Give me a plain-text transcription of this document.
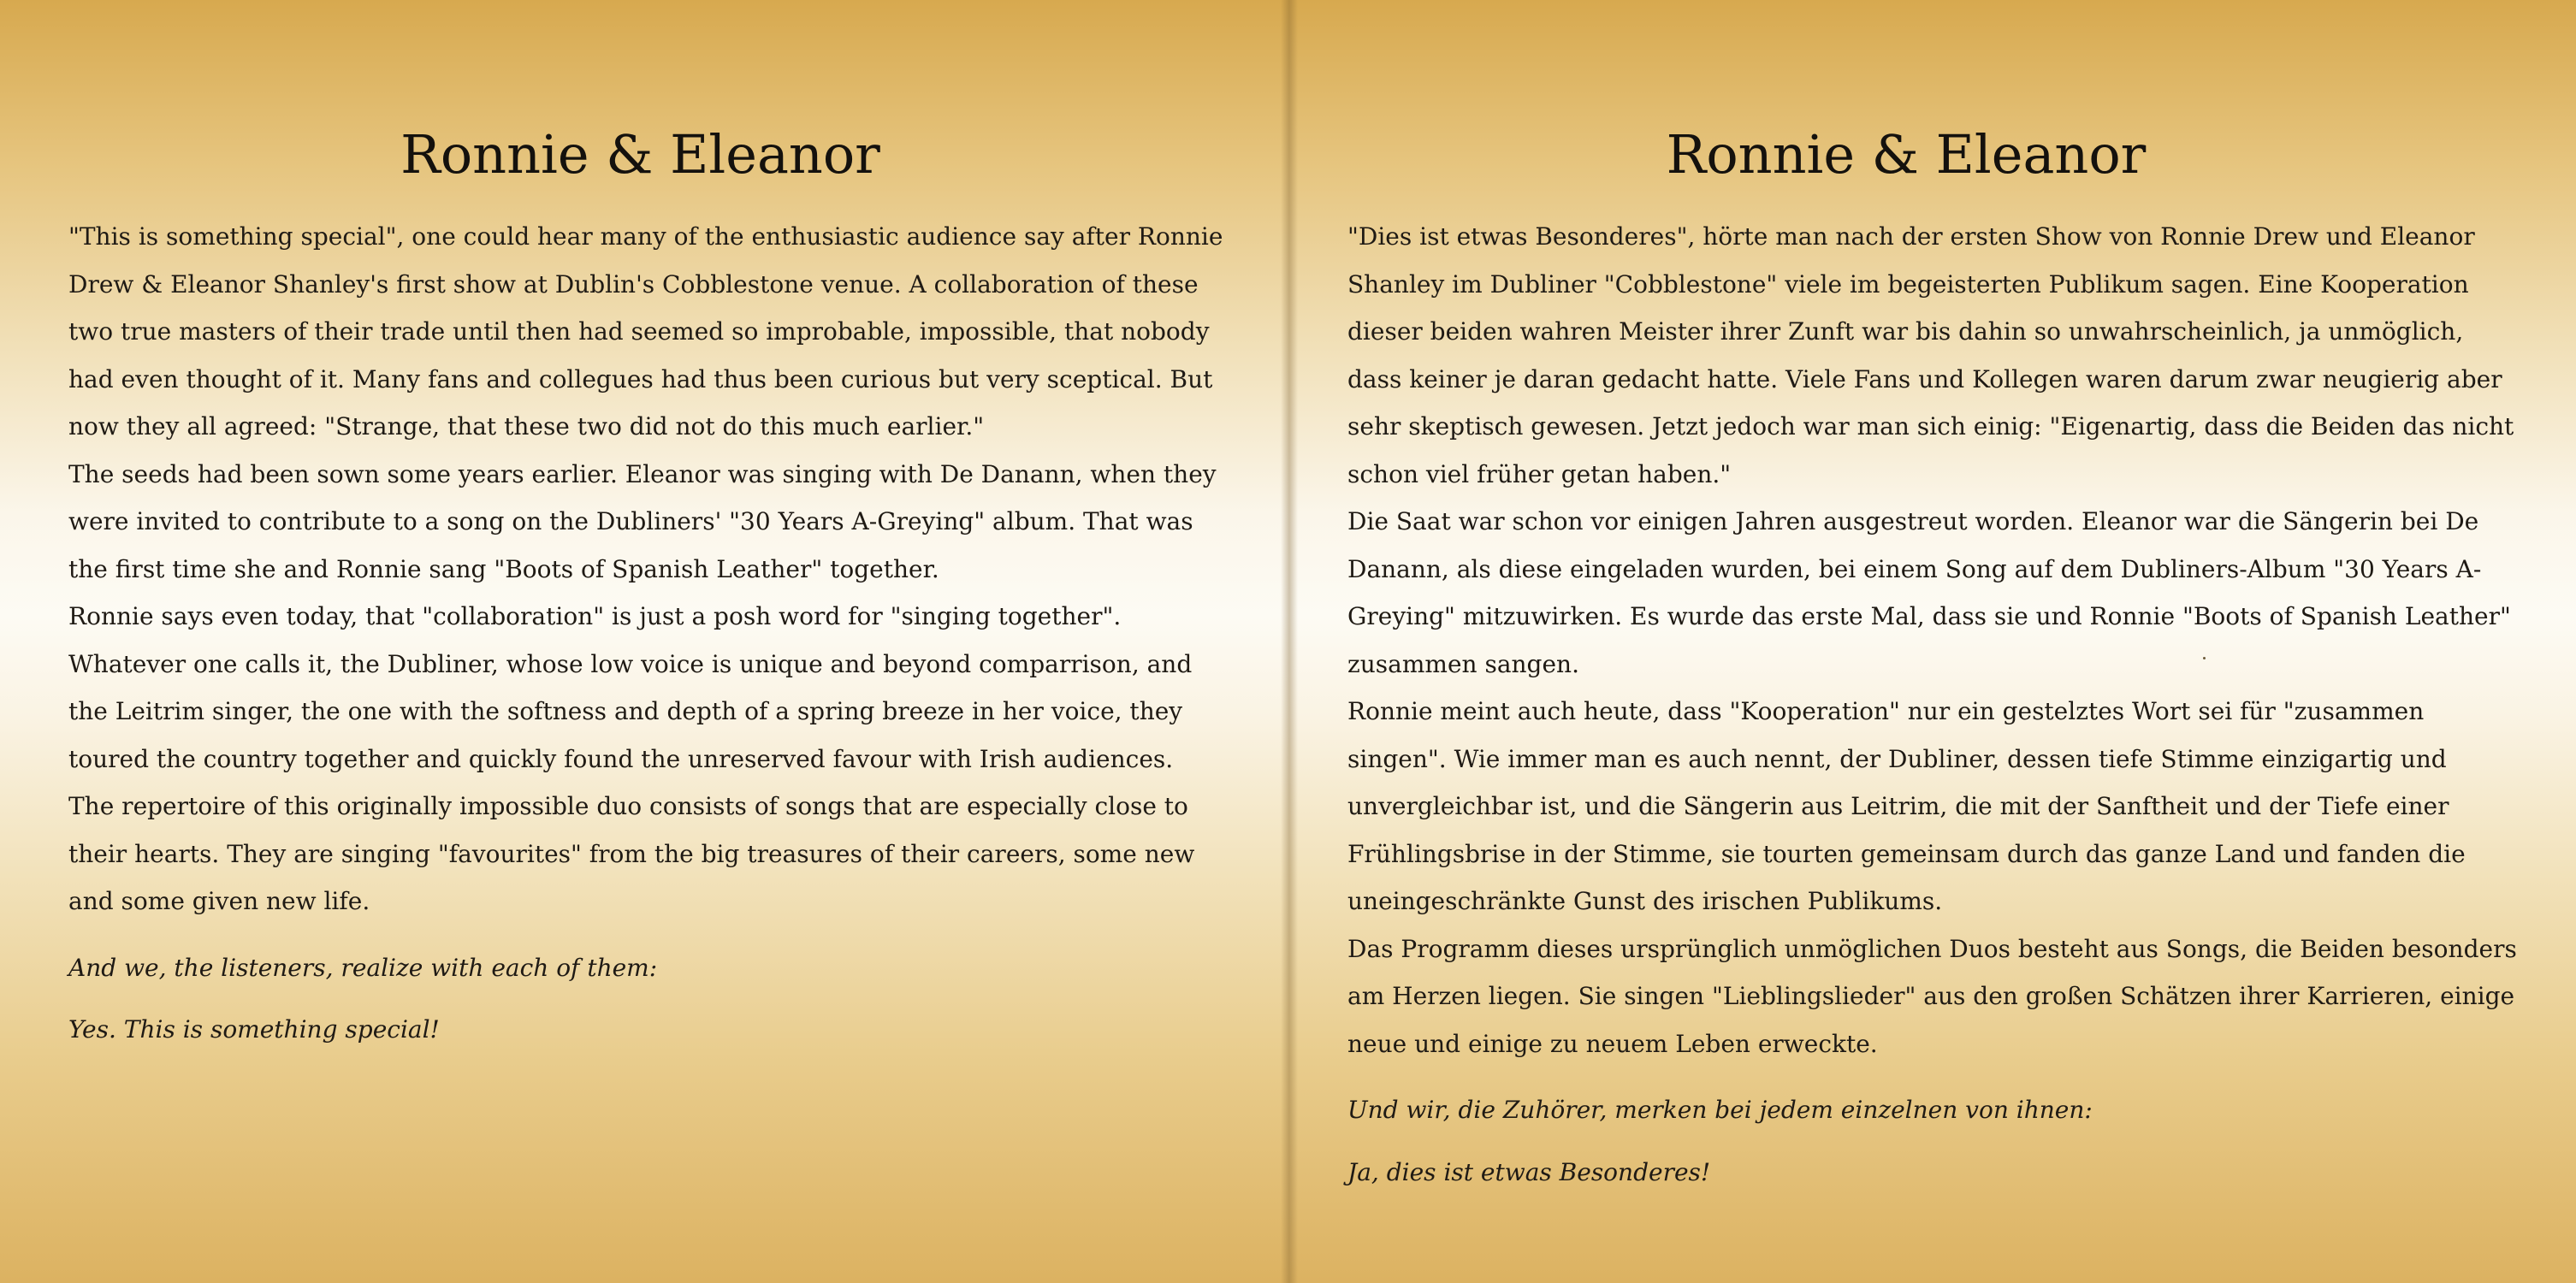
Ronnie & Eleanor
"This is something special", one could hear many of the enthusiastic audience say after Ronnie Drew & Eleanor Shanley's first show at Dublin's Cobblestone venue. A collaboration of these two true masters of their trade until then had seemed so improbable, impossible, that nobody had even thought of it. Many fans and collegues had thus been curious but very sceptical. But now they all agreed: "Strange, that these two did not do this much earlier."
The seeds had been sown some years earlier. Eleanor was singing with De Danann, when they were invited to contribute to a song on the Dubliners' "30 Years A-Greying" album. That was the first time she and Ronnie sang "Boots of Spanish Leather" together.
Ronnie says even today, that "collaboration" is just a posh word for "singing together". Whatever one calls it, the Dubliner, whose low voice is unique and beyond comparrison, and the Leitrim singer, the one with the softness and depth of a spring breeze in her voice, they toured the country together and quickly found the unreserved favour with Irish audiences.
The repertoire of this originally impossible duo consists of songs that are especially close to their hearts. They are singing "favourites" from the big treasures of their careers, some new and some given new life.
And we, the listeners, realize with each of them:
Yes. This is something special!
Ronnie & Eleanor
"Dies ist etwas Besonderes", hörte man nach der ersten Show von Ronnie Drew und Eleanor Shanley im Dubliner "Cobblestone" viele im begeisterten Publikum sagen. Eine Kooperation dieser beiden wahren Meister ihrer Zunft war bis dahin so unwahrscheinlich, ja unmöglich, dass keiner je daran gedacht hatte. Viele Fans und Kollegen waren darum zwar neugierig aber sehr skeptisch gewesen. Jetzt jedoch war man sich einig: "Eigenartig, dass die Beiden das nicht schon viel früher getan haben."
Die Saat war schon vor einigen Jahren ausgestreut worden. Eleanor war die Sängerin bei De Danann, als diese eingeladen wurden, bei einem Song auf dem Dubliners-Album "30 Years A-Greying" mitzuwirken. Es wurde das erste Mal, dass sie und Ronnie "Boots of Spanish Leather" zusammen sangen.
Ronnie meint auch heute, dass "Kooperation" nur ein gestelztes Wort sei für "zusammen singen". Wie immer man es auch nennt, der Dubliner, dessen tiefe Stimme einzigartig und unvergleichbar ist, und die Sängerin aus Leitrim, die mit der Sanftheit und der Tiefe einer Frühlingsbrise in der Stimme, sie tourten gemeinsam durch das ganze Land und fanden die uneingeschränkte Gunst des irischen Publikums.
Das Programm dieses ursprünglich unmöglichen Duos besteht aus Songs, die Beiden besonders am Herzen liegen. Sie singen "Lieblingslieder" aus den großen Schätzen ihrer Karrieren, einige neue und einige zu neuem Leben erweckte.
Und wir, die Zuhörer, merken bei jedem einzelnen von ihnen:
Ja, dies ist etwas Besonderes!
